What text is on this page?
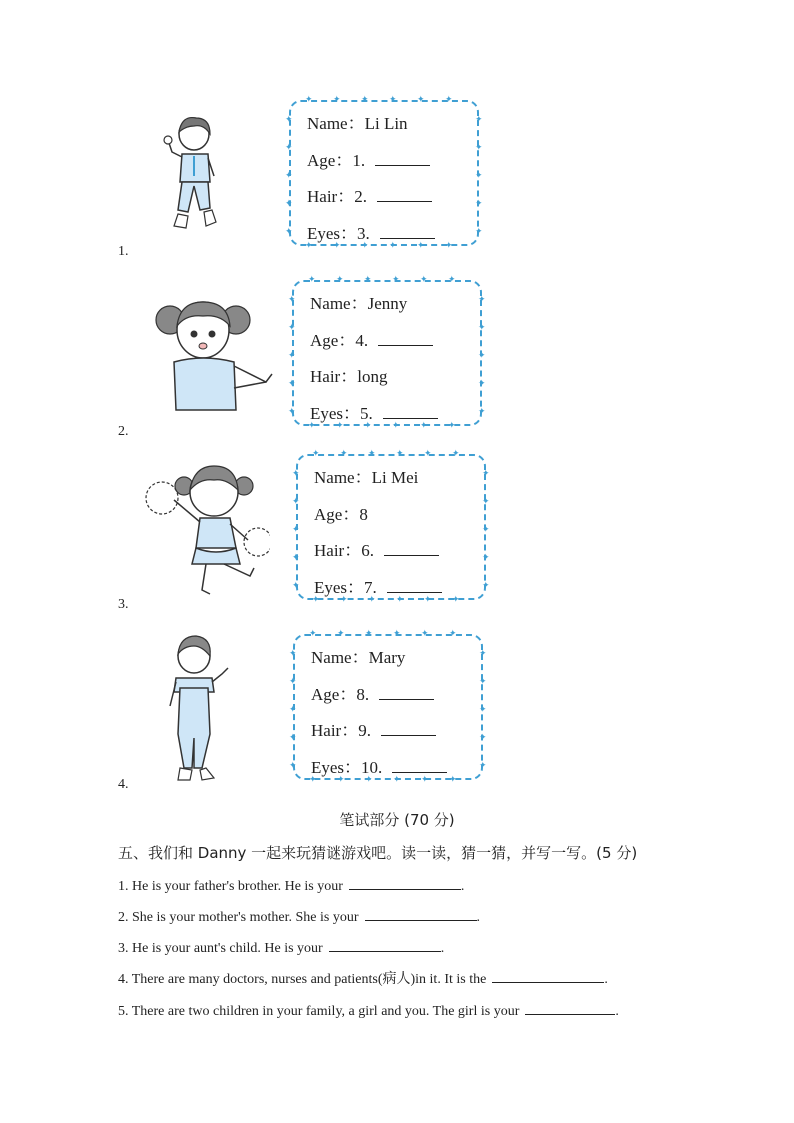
1.
2.
3.
4.
Name：Li Lin
Age：1.
Hair：2.
Eyes：3.
✦
✦
✦
✦
✦
✦
✦
✦
✦
✦
✦
✦
✦	✦
✦	✦
✦	✦
✦	✦
✦	✦
Name：Jenny
Age：4.
Hair：long
Eyes：5.
✦
✦
✦
✦
✦
✦
✦
✦
✦
✦
✦
✦
✦	✦
✦	✦
✦	✦
✦	✦
✦	✦
Name：Li Mei
Age：8
Hair：6.
Eyes：7.
✦
✦
✦
✦
✦
✦
✦
✦
✦
✦
✦
✦
✦	✦
✦	✦
✦	✦
✦	✦
✦	✦
Name：Mary
Age：8.
Hair：9.
Eyes：10.
✦
✦
✦
✦
✦
✦
✦
✦
✦
✦
✦
✦
✦	✦
✦	✦
✦	✦
✦	✦
✦	✦
笔试部分 (70 分)
五、我们和 Danny 一起来玩猜谜游戏吧。读一读，猜一猜，并写一写。(5 分)
1. He is your father's brother. He is your	.
2. She is your mother's mother. She is your	.
3. He is your aunt's child. He is your	.
4. There are many doctors, nurses and patients(病人)in it. It is the	.
5. There are two children in your family, a girl and you. The girl is your	.
